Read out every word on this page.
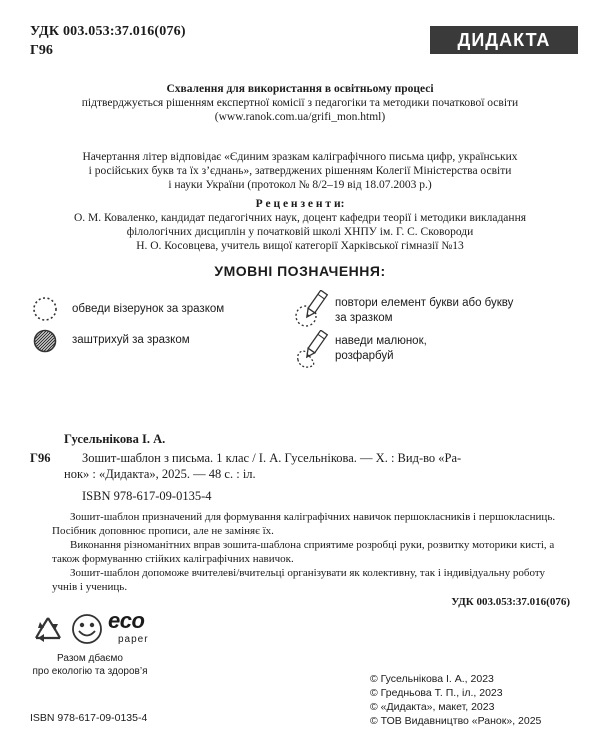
УДК 003.053:37.016(076)
Г96
ДИДАКТА
Схвалення для використання в освітньому процесі
підтверджується рішенням експертної комісії з педагогіки та методики початкової освіти
(www.ranok.com.ua/grifi_mon.html)
Начертання літер відповідає «Єдиним зразкам каліграфічного письма цифр, українських
і російських букв та їх з’єднань», затверджених рішенням Колегії Міністерства освіти
і науки України (протокол № 8/2–19 від 18.07.2003 р.)
Р е ц е н з е н т и:
О. М. Коваленко, кандидат педагогічних наук, доцент кафедри теорії і методики викладання
філологічних дисциплін у початковій школі ХНПУ ім. Г. С. Сковороди
Н. О. Косовцева, учитель вищої категорії Харківської гімназії №13
УМОВНІ ПОЗНАЧЕННЯ:
обведи візерунок за зразком
заштрихуй за зразком
повтори елемент букви або букву
за зразком
наведи малюнок,
розфарбуй
Гусельнікова І. А.
Г96	Зошит-шаблон з письма. 1 клас / І. А. Гусельнікова. — Х. : Вид-во «Ра-
нок» : «Дидакта», 2025. — 48 с. : іл.
ISBN 978-617-09-0135-4
Зошит-шаблон призначений для формування каліграфічних навичок першокласників і першокласниць. Посібник доповнює прописи, але не заміняє їх.
Виконання різноманітних вправ зошита-шаблона сприятиме розробці руки, розвитку моторики кисті, а також формуванню стійких каліграфічних навичок.
Зошит-шаблон допоможе вчителеві/вчительці організувати як колективну, так і індивідуальну роботу учнів і учениць.
УДК 003.053:37.016(076)
eco
paper
Разом дбаємо
про екологію та здоров’я
ISBN 978-617-09-0135-4
© Гусельнікова І. А., 2023
© Гредньова Т. П., іл., 2023
© «Дидакта», макет, 2023
© ТОВ Видавництво «Ранок», 2025
